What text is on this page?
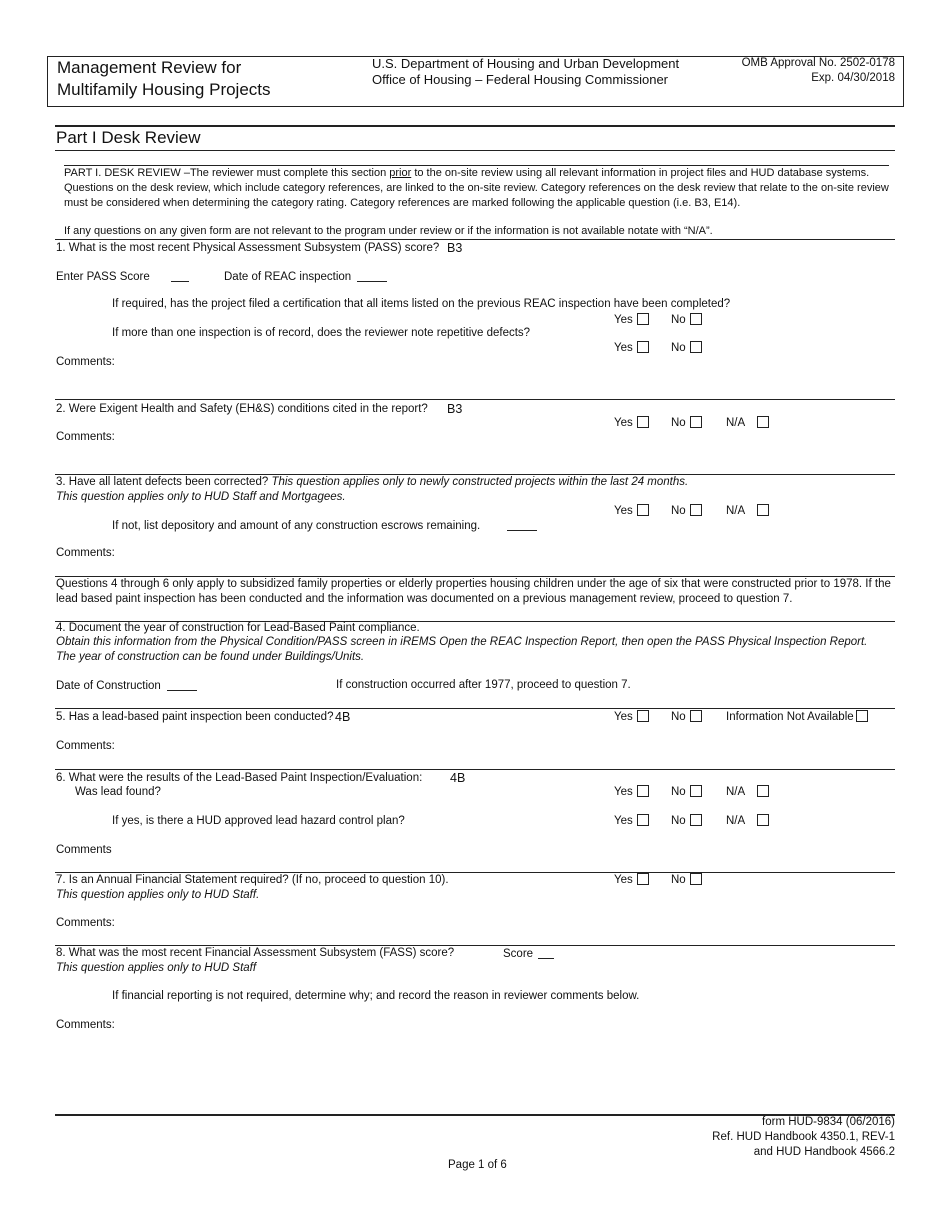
Management Review for
Multifamily Housing Projects
U.S. Department of Housing and Urban Development
Office of Housing – Federal Housing Commissioner
OMB Approval No. 2502-0178
Exp. 04/30/2018
Part I Desk Review
PART I. DESK REVIEW –The reviewer must complete this section prior to the on-site review using all relevant information in project files and HUD database systems. Questions on the desk review, which include category references, are linked to the on-site review. Category references on the desk review that relate to the on-site review must be considered when determining the category rating. Category references are marked following the applicable question (i.e. B3, E14).
If any questions on any given form are not relevant to the program under review or if the information is not available notate with “N/A”.
1. What is the most recent Physical Assessment Subsystem (PASS) score? B3
Enter PASS Score	Date of REAC inspection
If required, has the project filed a certification that all items listed on the previous REAC inspection have been completed?
Yes	No
If more than one inspection is of record, does the reviewer note repetitive defects?
Yes	No
Comments:
2. Were Exigent Health and Safety (EH&S) conditions cited in the report? B3
Yes	No	N/A
Comments:
3. Have all latent defects been corrected? This question applies only to newly constructed projects within the last 24 months.
This question applies only to HUD Staff and Mortgagees.
Yes	No	N/A
If not, list depository and amount of any construction escrows remaining.
Comments:
Questions 4 through 6 only apply to subsidized family properties or elderly properties housing children under the age of six that were constructed prior to 1978. If the lead based paint inspection has been conducted and the information was documented on a previous management review, proceed to question 7.
4. Document the year of construction for Lead-Based Paint compliance.
Obtain this information from the Physical Condition/PASS screen in iREMS Open the REAC Inspection Report, then open the PASS Physical Inspection Report.
The year of construction can be found under Buildings/Units.
Date of Construction	If construction occurred after 1977, proceed to question 7.
5. Has a lead-based paint inspection been conducted? 4B	Yes	No	Information Not Available
Comments:
6. What were the results of the Lead-Based Paint Inspection/Evaluation: 4B
Was lead found?	Yes	No	N/A
If yes, is there a HUD approved lead hazard control plan?	Yes	No	N/A
Comments
7. Is an Annual Financial Statement required? (If no, proceed to question 10).
This question applies only to HUD Staff.
Yes	No
Comments:
8. What was the most recent Financial Assessment Subsystem (FASS) score?	Score
This question applies only to HUD Staff
If financial reporting is not required, determine why; and record the reason in reviewer comments below.
Comments:
form HUD-9834 (06/2016)
Ref. HUD Handbook 4350.1, REV-1
and HUD Handbook 4566.2
Page 1 of 6
